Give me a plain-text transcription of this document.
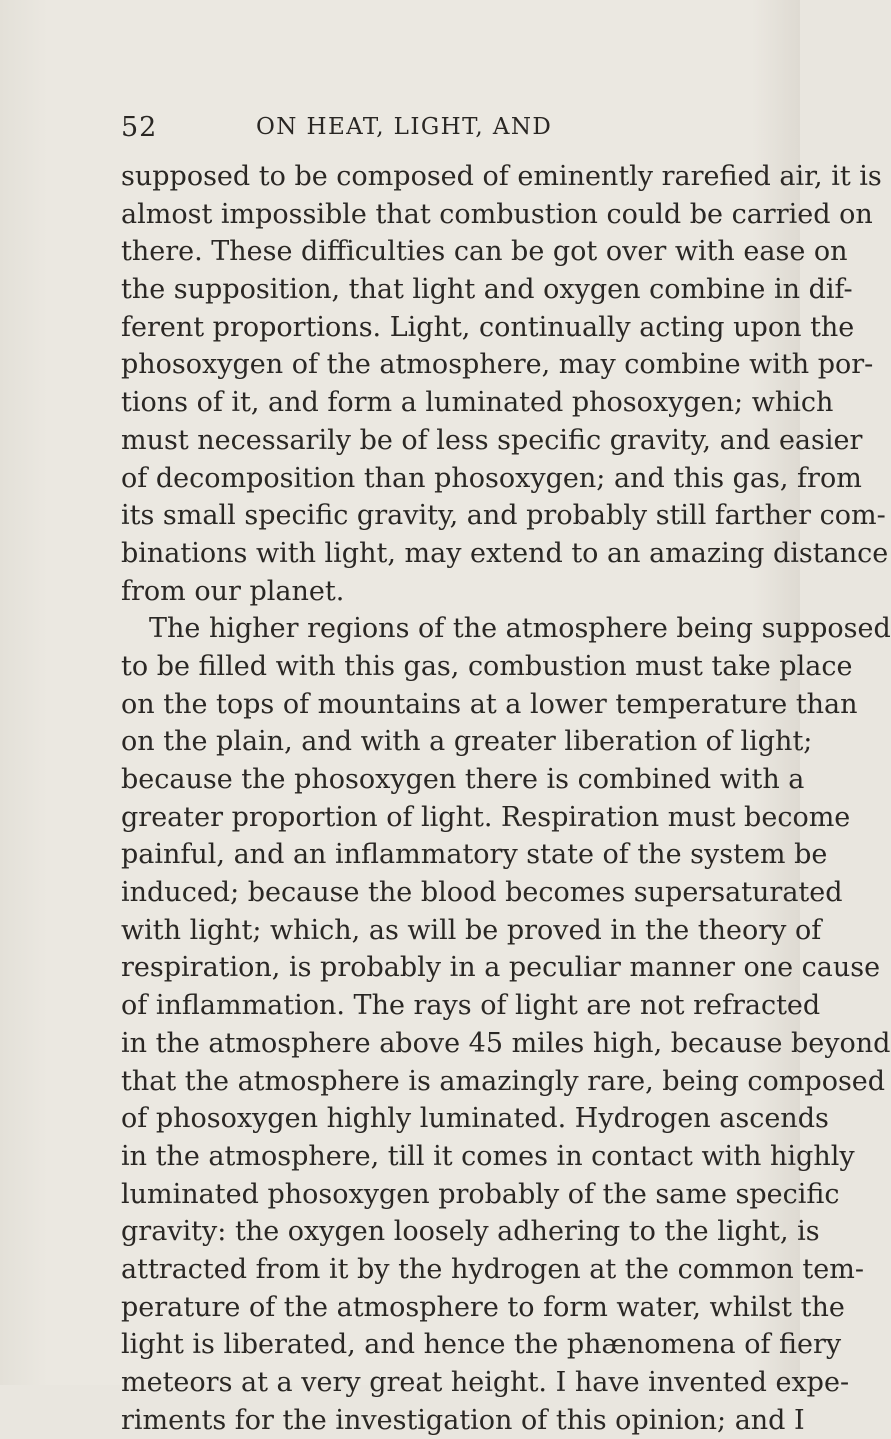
52	ON HEAT, LIGHT, AND
supposed to be composed of eminently rarefied air, it is
almost impossible that combustion could be carried on
there. These difficulties can be got over with ease on
the supposition, that light and oxygen combine in dif-
ferent proportions. Light, continually acting upon the
phosoxygen of the atmosphere, may combine with por-
tions of it, and form a luminated phosoxygen; which
must necessarily be of less specific gravity, and easier
of decomposition than phosoxygen; and this gas, from
its small specific gravity, and probably still farther com-
binations with light, may extend to an amazing distance
from our planet.
The higher regions of the atmosphere being supposed
to be filled with this gas, combustion must take place
on the tops of mountains at a lower temperature than
on the plain, and with a greater liberation of light;
because the phosoxygen there is combined with a
greater proportion of light. Respiration must become
painful, and an inflammatory state of the system be
induced; because the blood becomes supersaturated
with light; which, as will be proved in the theory of
respiration, is probably in a peculiar manner one cause
of inflammation. The rays of light are not refracted
in the atmosphere above 45 miles high, because beyond
that the atmosphere is amazingly rare, being composed
of phosoxygen highly luminated. Hydrogen ascends
in the atmosphere, till it comes in contact with highly
luminated phosoxygen probably of the same specific
gravity: the oxygen loosely adhering to the light, is
attracted from it by the hydrogen at the common tem-
perature of the atmosphere to form water, whilst the
light is liberated, and hence the phænomena of fiery
meteors at a very great height. I have invented expe-
riments for the investigation of this opinion; and I
